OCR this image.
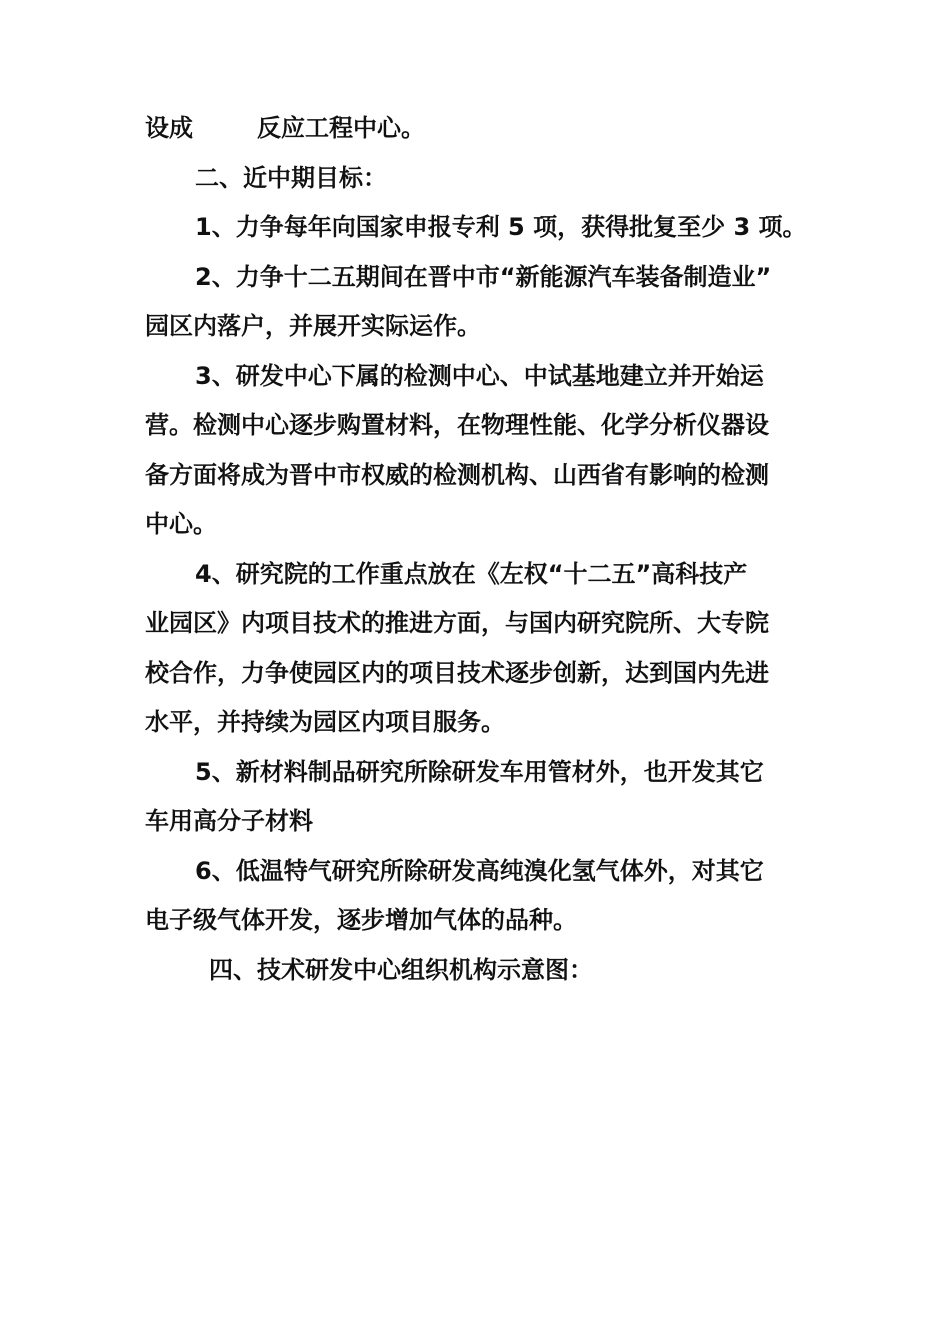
设成	反应工程中心。
二、近中期目标：
1、力争每年向国家申报专利 5 项，获得批复至少 3 项。
2、力争十二五期间在晋中市“新能源汽车装备制造业”
园区内落户，并展开实际运作。
3、研发中心下属的检测中心、中试基地建立并开始运
营。检测中心逐步购置材料，在物理性能、化学分析仪器设
备方面将成为晋中市权威的检测机构、山西省有影响的检测
中心。
4、研究院的工作重点放在《左权“十二五”高科技产
业园区》内项目技术的推进方面，与国内研究院所、大专院
校合作，力争使园区内的项目技术逐步创新，达到国内先进
水平，并持续为园区内项目服务。
5、新材料制品研究所除研发车用管材外，也开发其它
车用高分子材料
6、低温特气研究所除研发高纯溴化氢气体外，对其它
电子级气体开发，逐步增加气体的品种。
四、技术研发中心组织机构示意图：
